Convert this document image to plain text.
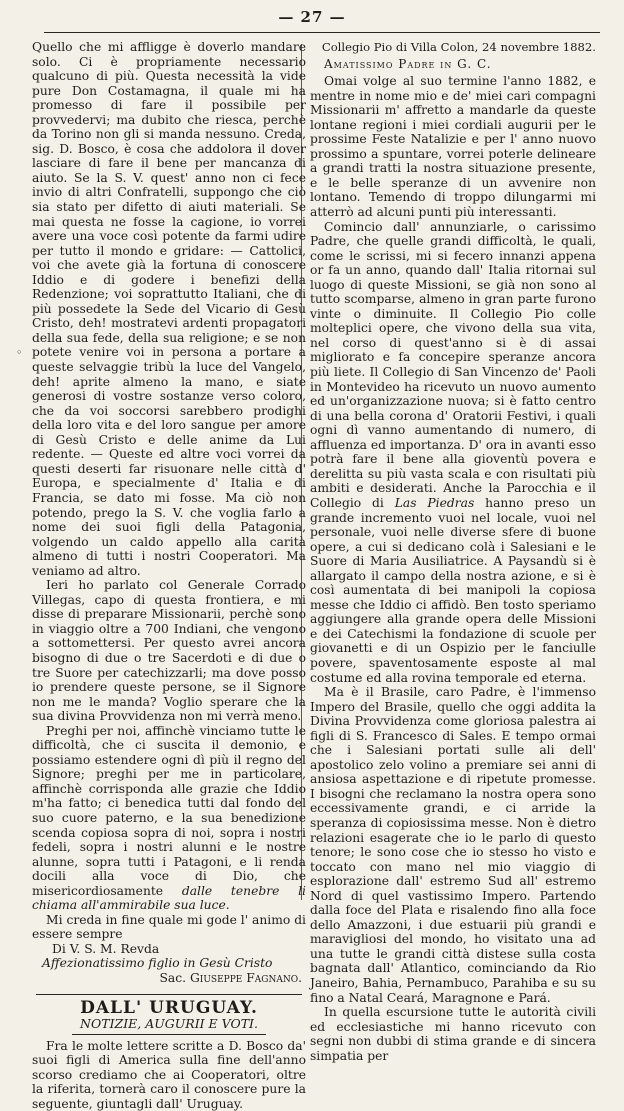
— 27 —
◦

Quello che mi affligge è doverlo mandare solo. Ci è propriamente necessario qualcuno di più. Questa necessità la vide pure Don Costamagna, il quale mi ha promesso di fare il possibile per provvedervi; ma dubito che riesca, perchè da Torino non gli si manda nessuno. Creda, sig. D. Bosco, è cosa che addolora il dover lasciare di fare il bene per mancanza di aiuto. Se la S. V. quest' anno non ci fece invio di altri Confratelli, suppongo che ciò sia stato per difetto di aiuti materiali. Se mai questa ne fosse la cagione, io vorrei avere una voce così potente da farmi udire per tutto il mondo e gridare: — Cattolici, voi che avete già la fortuna di conoscere Iddio e di godere i benefizi della Redenzione; voi soprattutto Italiani, che di più possedete la Sede del Vicario di Gesù Cristo, deh! mostratevi ardenti propagatori della sua fede, della sua religione; e se non potete venire voi in persona a portare a queste selvaggie tribù la luce del Vangelo, deh! aprite almeno la mano, e siate generosi di vostre sostanze verso coloro, che da voi soccorsi sarebbero prodighi della loro vita e del loro sangue per amore di Gesù Cristo e delle anime da Lui redente. — Queste ed altre voci vorrei da questi deserti far risuonare nelle città d' Europa, e specialmente d' Italia e di Francia, se dato mi fosse. Ma ciò non potendo, prego la S. V. che voglia farlo a nome dei suoi figli della Patagonia, volgendo un caldo appello alla carità almeno di tutti i nostri Cooperatori. Ma veniamo ad altro.

Ieri ho parlato col Generale Corrado Villegas, capo di questa frontiera, e mi disse di preparare Missionarii, perchè sono in viaggio oltre a 700 Indiani, che vengono a sottomettersi. Per questo avrei ancora bisogno di due o tre Sacerdoti e di due o tre Suore per catechizzarli; ma dove posso io prendere queste persone, se il Signore non me le manda? Voglio sperare che la sua divina Provvidenza non mi verrà meno.

Preghi per noi, affinchè vinciamo tutte le difficoltà, che ci suscita il demonio, e possiamo estendere ogni dì più il regno del Signore; preghi per me in particolare, affinchè corrisponda alle grazie che Iddio m'ha fatto; ci benedica tutti dal fondo del suo cuore paterno, e la sua benedizione scenda copiosa sopra di noi, sopra i nostri fedeli, sopra i nostri alunni e le nostre alunne, sopra tutti i Patagoni, e li renda docili alla voce di Dio, che misericordiosamente dalle tenebre li chiama all'ammirabile sua luce.

Mi creda in fine quale mi gode l' animo di essere sempre

Di V. S. M. Revda
Affezionatissimo figlio in Gesù Cristo
Sac. Giuseppe Fagnano.
DALL' URUGUAY.
NOTIZIE, AUGURII E VOTI.

Fra le molte lettere scritte a D. Bosco da' suoi figli di America sulla fine dell'anno scorso crediamo che ai Cooperatori, oltre la riferita, tornerà caro il conoscere pure la seguente, giuntagli dall' Uruguay.

Collegio Pio di Villa Colon, 24 novembre 1882.
Amatissimo Padre in G. C.

Omai volge al suo termine l'anno 1882, e mentre in nome mio e de' miei cari compagni Missionarii m' affretto a mandarle da queste lontane regioni i miei cordiali augurii per le prossime Feste Natalizie e per l' anno nuovo prossimo a spuntare, vorrei poterle delineare a grandi tratti la nostra situazione presente, e le belle speranze di un avvenire non lontano. Temendo di troppo dilungarmi mi atterrò ad alcuni punti più interessanti.

Comincio dall' annunziarle, o carissimo Padre, che quelle grandi difficoltà, le quali, come le scrissi, mi si fecero innanzi appena or fa un anno, quando dall' Italia ritornai sul luogo di queste Missioni, se già non sono al tutto scomparse, almeno in gran parte furono vinte o diminuite. Il Collegio Pio colle molteplici opere, che vivono della sua vita, nel corso di quest'anno si è di assai migliorato e fa concepire speranze ancora più liete. Il Collegio di San Vincenzo de' Paoli in Montevideo ha ricevuto un nuovo aumento ed un'organizzazione nuova; si è fatto centro di una bella corona d' Oratorii Festivi, i quali ogni dì vanno aumentando di numero, di affluenza ed importanza. D' ora in avanti esso potrà fare il bene alla gioventù povera e derelitta su più vasta scala e con risultati più ambiti e desiderati. Anche la Parocchia e il Collegio di Las Piedras hanno preso un grande incremento vuoi nel locale, vuoi nel personale, vuoi nelle diverse sfere di buone opere, a cui si dedicano colà i Salesiani e le Suore di Maria Ausiliatrice. A Paysandù si è allargato il campo della nostra azione, e si è così aumentata di bei manipoli la copiosa messe che Iddio ci affidò. Ben tosto speriamo aggiungere alla grande opera delle Missioni e dei Catechismi la fondazione di scuole per giovanetti e di un Ospizio per le fanciulle povere, spaventosamente esposte al mal costume ed alla rovina temporale ed eterna.

Ma è il Brasile, caro Padre, è l'immenso Impero del Brasile, quello che oggi addita la Divina Provvidenza come gloriosa palestra ai figli di S. Francesco di Sales. E tempo ormai che i Salesiani portati sulle ali dell' apostolico zelo volino a premiare sei anni di ansiosa aspettazione e di ripetute promesse. I bisogni che reclamano la nostra opera sono eccessivamente grandi, e ci arride la speranza di copiosissima messe. Non è dietro relazioni esagerate che io le parlo di questo tenore; le sono cose che io stesso ho visto e toccato con mano nel mio viaggio di esplorazione dall' estremo Sud all' estremo Nord di quel vastissimo Impero. Partendo dalla foce del Plata e risalendo fino alla foce dello Amazzoni, i due estuarii più grandi e maravigliosi del mondo, ho visitato una ad una tutte le grandi città distese sulla costa bagnata dall' Atlantico, cominciando da Rio Janeiro, Bahia, Pernambuco, Parahiba e su su fino a Natal Ceará, Maragnone e Pará.

In quella escursione tutte le autorità civili ed ecclesiastiche mi hanno ricevuto con segni non dubbi di stima grande e di sincera simpatia per
